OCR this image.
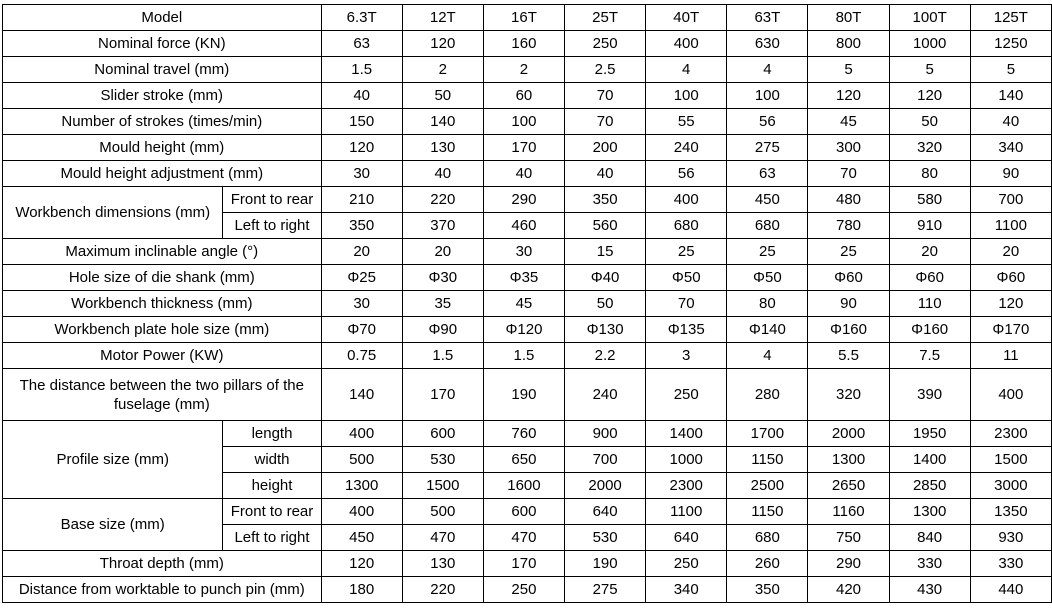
Model		6.3T	12T	16T	25T	40T	63T	80T	100T	125T
Nominal force (KN)		63	120	160	250	400	630	800	1000	1250
Nominal travel (mm)		1.5	2	2	2.5	4	4	5	5	5
Slider stroke (mm)		40	50	60	70	100	100	120	120	140
Number of strokes (times/min)		150	140	100	70	55	56	45	50	40
Mould height (mm)		120	130	170	200	240	275	300	320	340
Mould height adjustment (mm)		30	40	40	40	56	63	70	80	90
Workbench dimensions (mm)	Front to rear	210	220	290	350	400	450	480	580	700
	Left to right	350	370	460	560	680	680	780	910	1100
Maximum inclinable angle (°)		20	20	30	15	25	25	25	20	20
Hole size of die shank (mm)		Φ25	Φ30	Φ35	Φ40	Φ50	Φ50	Φ60	Φ60	Φ60
Workbench thickness (mm)		30	35	45	50	70	80	90	110	120
Workbench plate hole size (mm)		Φ70	Φ90	Φ120	Φ130	Φ135	Φ140	Φ160	Φ160	Φ170
Motor Power (KW)		0.75	1.5	1.5	2.2	3	4	5.5	7.5	11
The distance between the two pillars of the fuselage (mm)		140	170	190	240	250	280	320	390	400
Profile size (mm)	length	400	600	760	900	1400	1700	2000	1950	2300
	width	500	530	650	700	1000	1150	1300	1400	1500
	height	1300	1500	1600	2000	2300	2500	2650	2850	3000
Base size (mm)	Front to rear	400	500	600	640	1100	1150	1160	1300	1350
	Left to right	450	470	470	530	640	680	750	840	930
Throat depth (mm)		120	130	170	190	250	260	290	330	330
Distance from worktable to punch pin (mm)		180	220	250	275	340	350	420	430	440
